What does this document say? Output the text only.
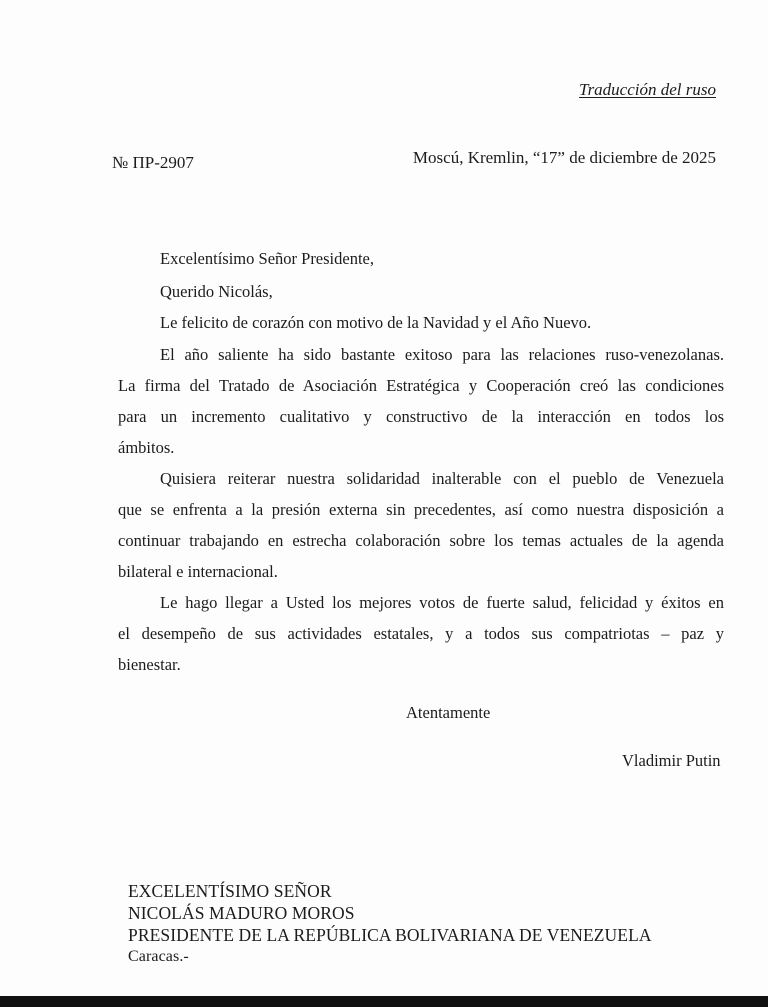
Traducción del ruso
№ ПР-2907	Moscú, Kremlin, “17” de diciembre de 2025
Excelentísimo Señor Presidente,
Querido Nicolás,
Le felicito de corazón con motivo de la Navidad y el Año Nuevo.
El año saliente ha sido bastante exitoso para las relaciones ruso-venezolanas.
La firma del Tratado de Asociación Estratégica y Cooperación creó las condiciones
para un incremento cualitativo y constructivo de la interacción en todos los
ámbitos.
Quisiera reiterar nuestra solidaridad inalterable con el pueblo de Venezuela
que se enfrenta a la presión externa sin precedentes, así como nuestra disposición a
continuar trabajando en estrecha colaboración sobre los temas actuales de la agenda
bilateral e internacional.
Le hago llegar a Usted los mejores votos de fuerte salud, felicidad y éxitos en
el desempeño de sus actividades estatales, y a todos sus compatriotas – paz y
bienestar.
Atentamente
Vladimir Putin
EXCELENTÍSIMO SEÑOR
NICOLÁS MADURO MOROS
PRESIDENTE DE LA REPÚBLICA BOLIVARIANA DE VENEZUELA
Caracas.-
